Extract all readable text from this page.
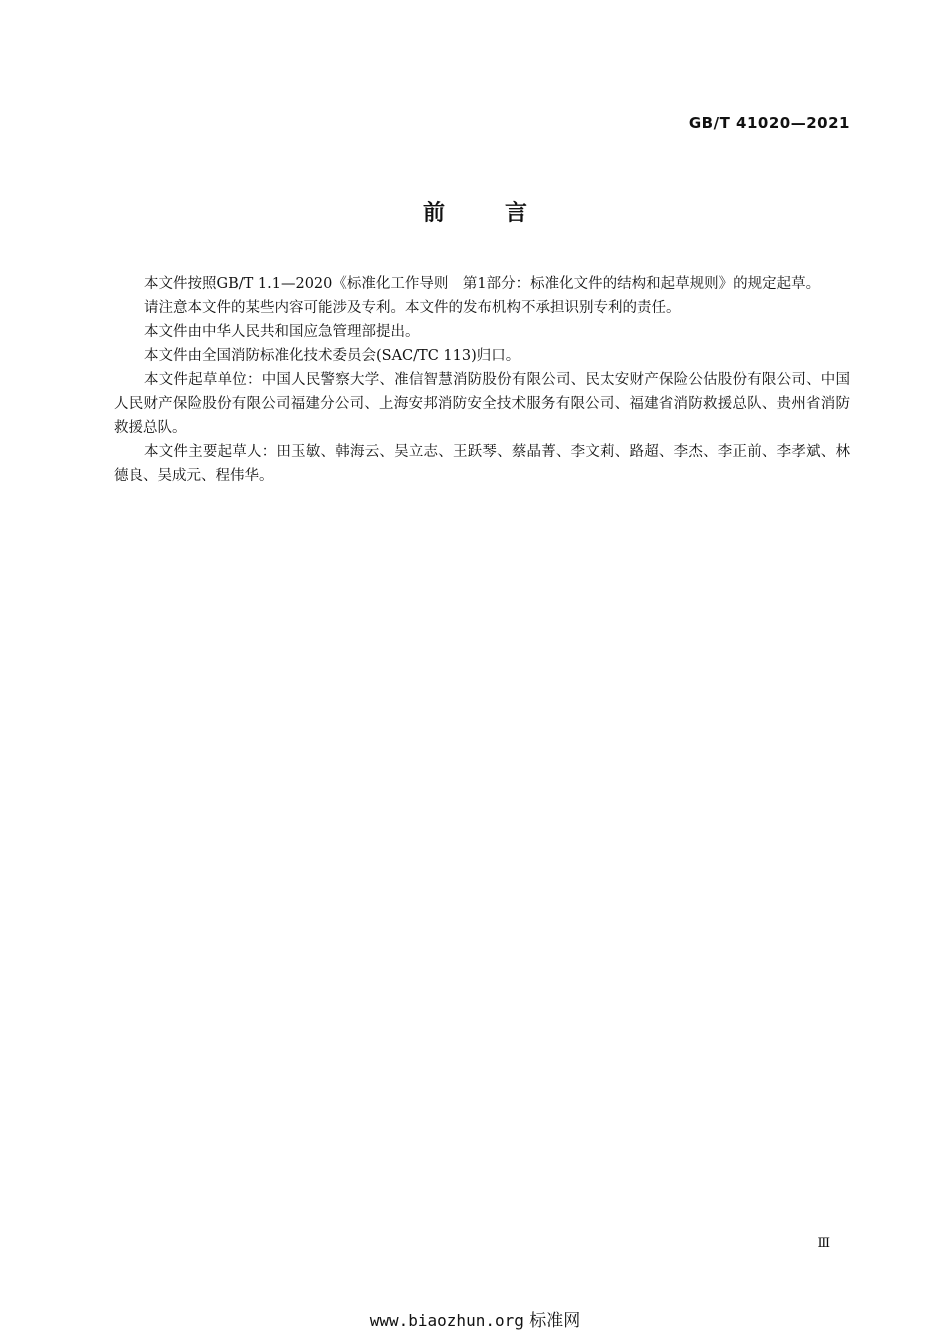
GB/T 41020—2021
前言

本文件按照GB/T 1.1—2020《标准化工作导则　第1部分：标准化文件的结构和起草规则》的规定起草。

请注意本文件的某些内容可能涉及专利。本文件的发布机构不承担识别专利的责任。

本文件由中华人民共和国应急管理部提出。

本文件由全国消防标准化技术委员会(SAC/TC 113)归口。

本文件起草单位：中国人民警察大学、准信智慧消防股份有限公司、民太安财产保险公估股份有限公司、中国人民财产保险股份有限公司福建分公司、上海安邦消防安全技术服务有限公司、福建省消防救援总队、贵州省消防救援总队。

本文件主要起草人：田玉敏、韩海云、吴立志、王跃琴、蔡晶菁、李文莉、路超、李杰、李正前、李孝斌、林德良、吴成元、程伟华。

Ⅲ
www.biaozhun.org 标准网
